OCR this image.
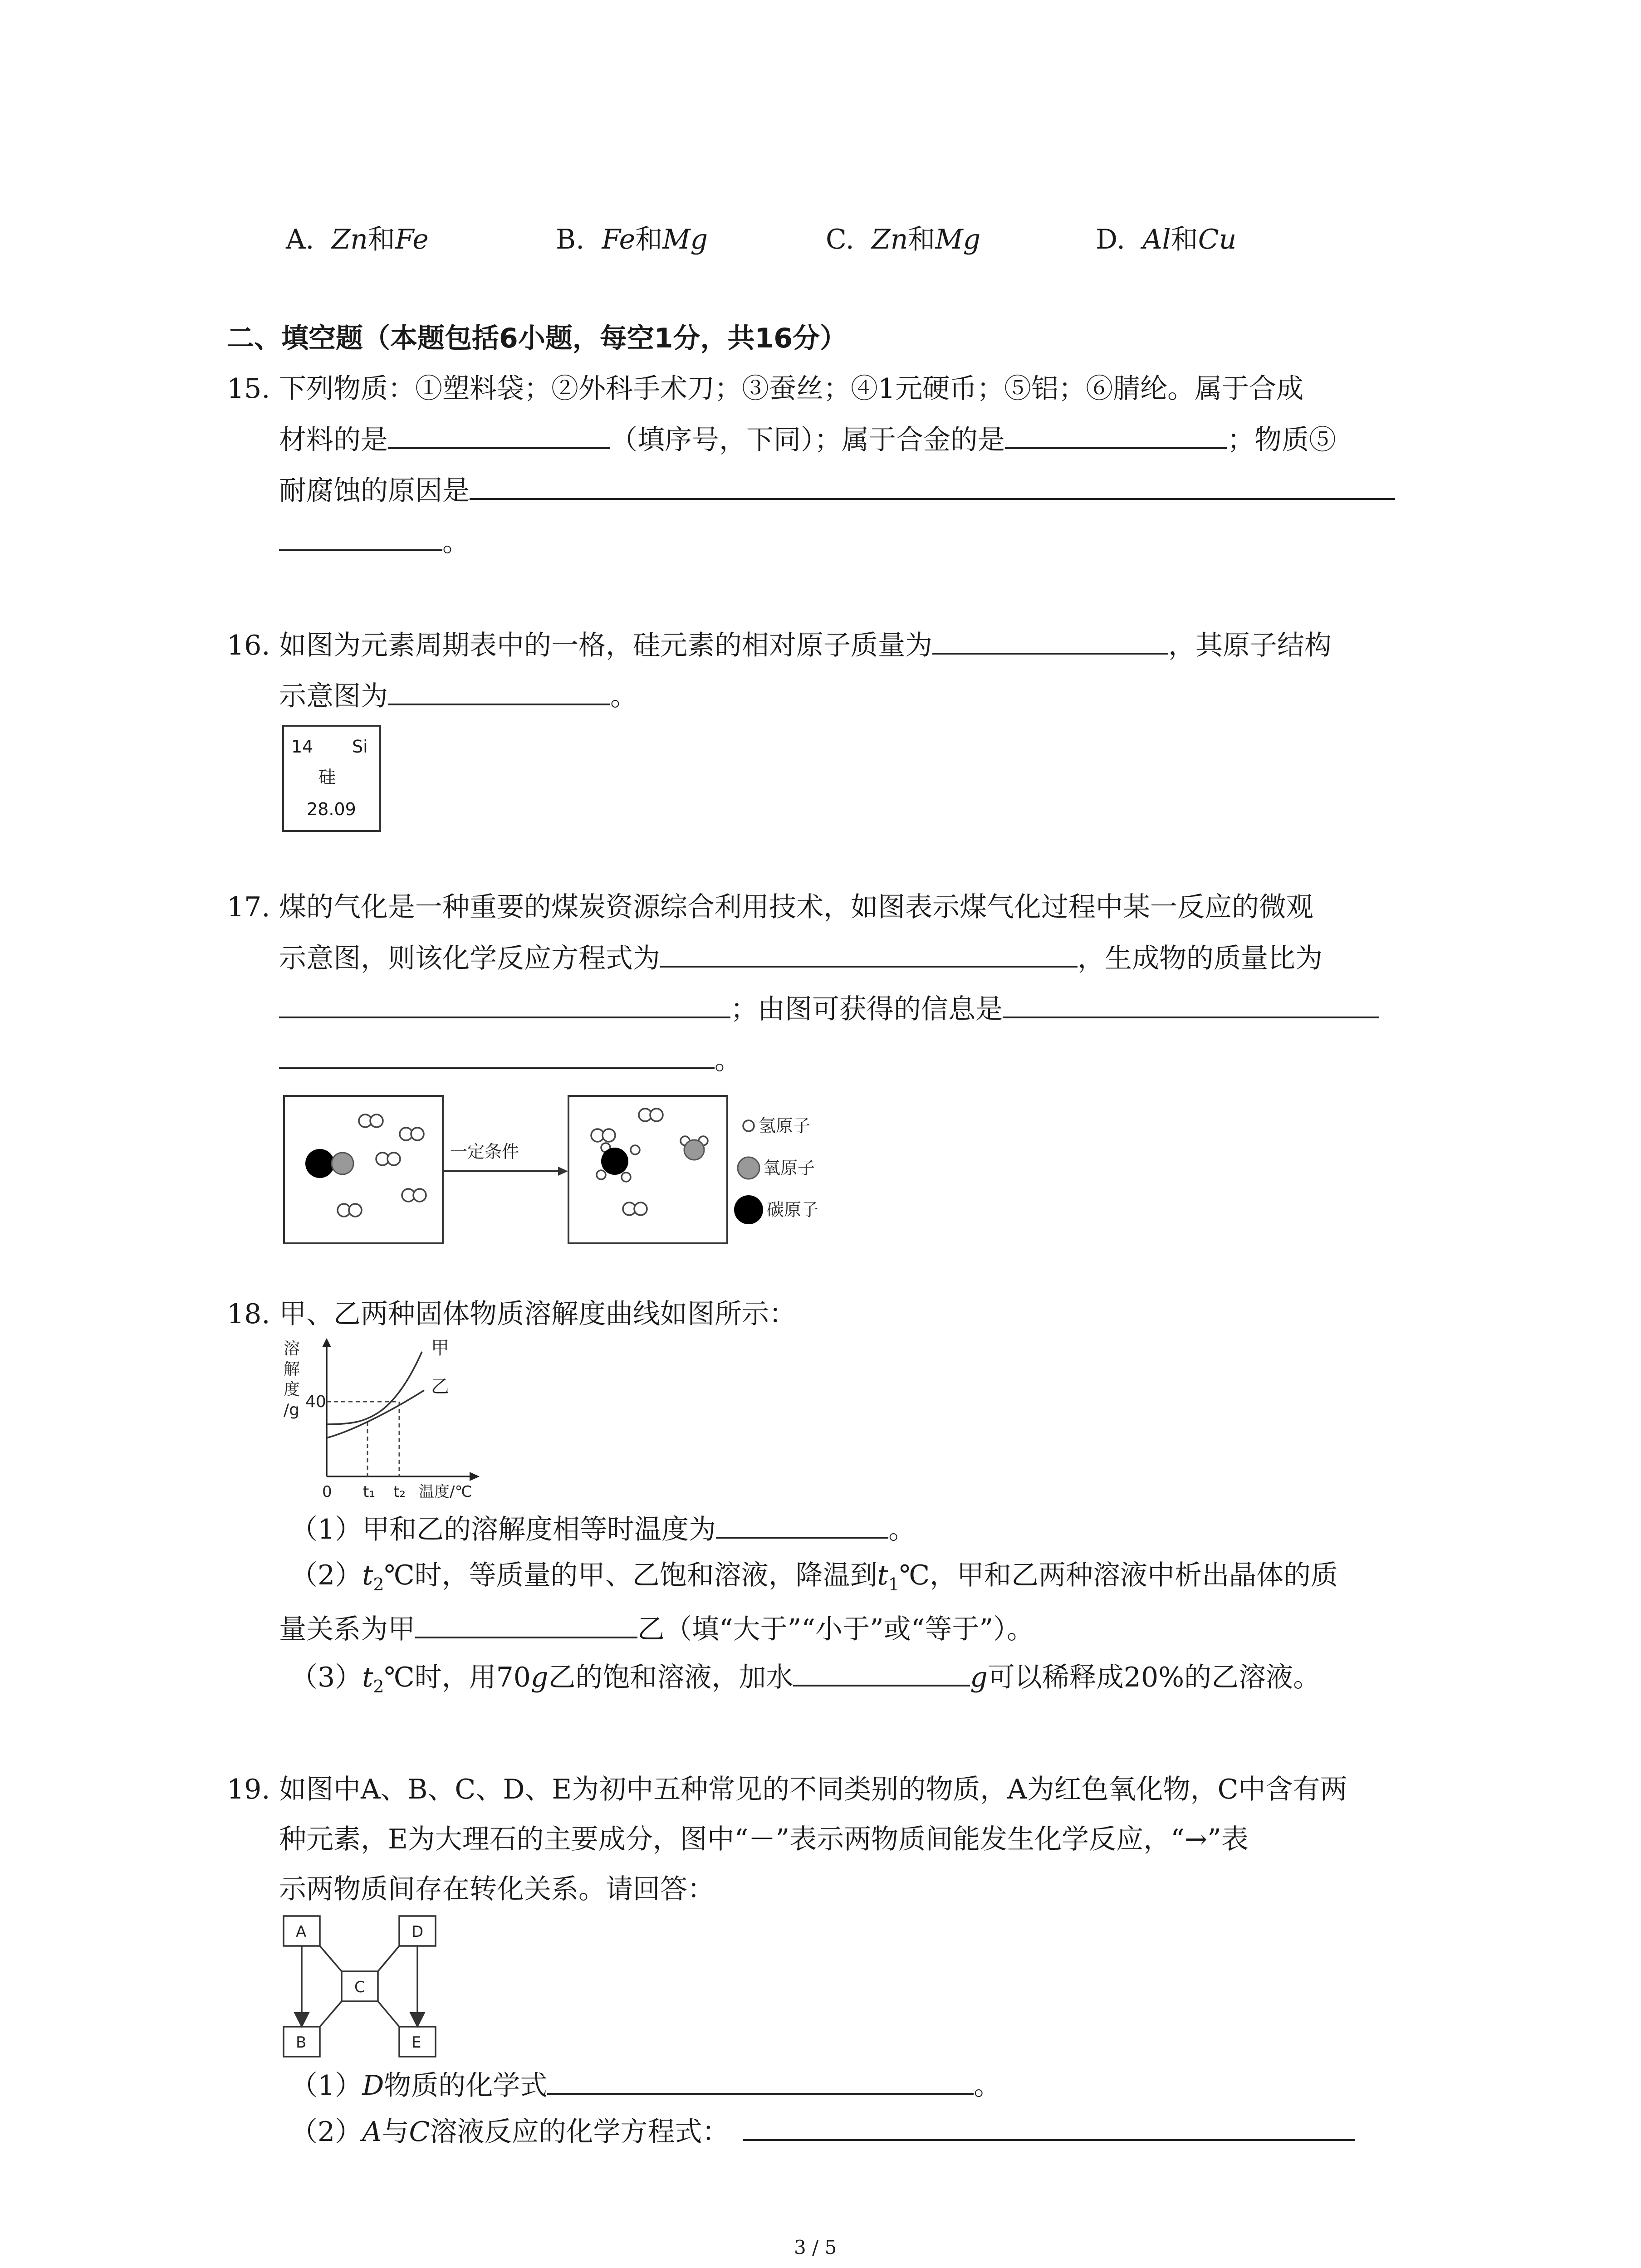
A. Zn和Fe	B. Fe和Mg	C. Zn和Mg	D. Al和Cu
二、填空题（本题包括6小题，每空1分，共16分）
15. 下列物质：①塑料袋；②外科手术刀；③蚕丝；④1元硬币；⑤铝；⑥腈纶。属于合成
材料的是	（填序号，下同）；属于合金的是	；物质⑤
耐腐蚀的原因是
。
16. 如图为元素周期表中的一格，硅元素的相对原子质量为	，其原子结构
示意图为	。
14 Si
硅
28.09
17. 煤的气化是一种重要的煤炭资源综合利用技术，如图表示煤气化过程中某一反应的微观
示意图，则该化学反应方程式为	，生成物的质量比为
；由图可获得的信息是
。
一定条件
氢原子
氧原子
碳原子
18. 甲、乙两种固体物质溶解度曲线如图所示：
溶
解
度
/g 40
甲
乙
0 t₁ t₂ 温度/℃
（1）甲和乙的溶解度相等时温度为	。
$(2)t_2℃$时，等质量的甲、乙饱和溶液，降温到$t_1℃$，甲和乙两种溶液中析出晶体的质
量关系为甲	乙（填“大于”“小于”或“等于”）。
$(3)t_2℃$时，用70g乙的饱和溶液，加水	g可以稀释成20%的乙溶液。
19. 如图中A、B、C、D、E为初中五种常见的不同类别的物质，A为红色氧化物，C中含有两
种元素，E为大理石的主要成分，图中“－”表示两物质间能发生化学反应，“→”表
示两物质间存在转化关系。请回答：
A	D
C
B	E
（1）D物质的化学式	。
（2）A与C溶液反应的化学方程式：
3 / 5
